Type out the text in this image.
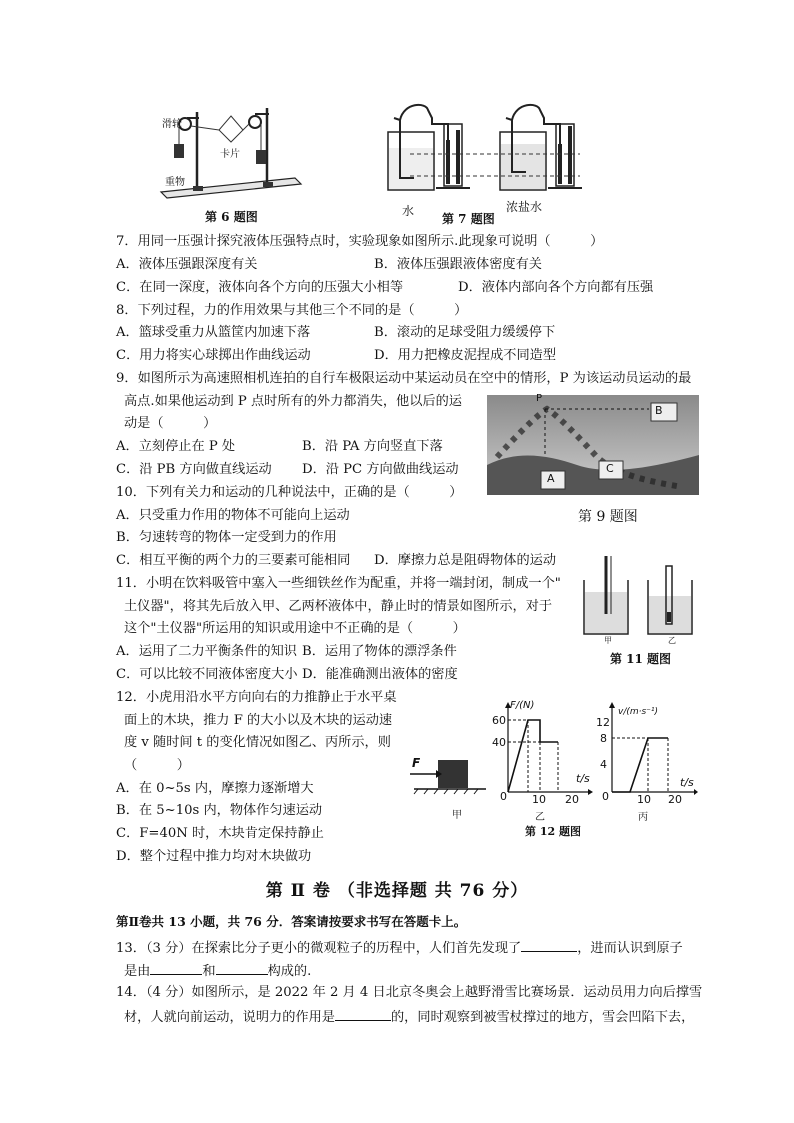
滑轮
卡片
重物
第 6 题图	水
第 7 题图
浓盐水
7．用同一压强计探究液体压强特点时，实验现象如图所示.此现象可说明（　　　）
A．液体压强跟深度有关	B．液体压强跟液体密度有关
C．在同一深度，液体向各个方向的压强大小相等	D．液体内部向各个方向都有压强
8．下列过程，力的作用效果与其他三个不同的是（　　　）
A．篮球受重力从篮筐内加速下落	B．滚动的足球受阻力缓缓停下
C．用力将实心球掷出作曲线运动	D．用力把橡皮泥捏成不同造型
9．如图所示为高速照相机连拍的自行车极限运动中某运动员在空中的情形，P 为该运动员运动的最
高点.如果他运动到 P 点时所有的外力都消失，他以后的运
动是（　　　）
A．立刻停止在 P 处	B．沿 PA 方向竖直下落
C．沿 PB 方向做直线运动 D．沿 PC 方向做曲线运动
P
B
A
C
第 9 题图
10．下列有关力和运动的几种说法中，正确的是（　　　）
A．只受重力作用的物体不可能向上运动
B．匀速转弯的物体一定受到力的作用
C．相互平衡的两个力的三要素可能相同 D．摩擦力总是阻碍物体的运动
11．小明在饮料吸管中塞入一些细铁丝作为配重，并将一端封闭，制成一个"
土仪器"，将其先后放入甲、乙两杯液体中，静止时的情景如图所示，对于
这个"土仪器"所运用的知识或用途中不正确的是（　　　）
A．运用了二力平衡条件的知识 B．运用了物体的漂浮条件
C．可以比较不同液体密度大小 D．能准确测出液体的密度
甲	乙
第 11 题图
12．小虎用沿水平方向向右的力推静止于水平桌
面上的木块，推力 F 的大小以及木块的运动速
度 v 随时间 t 的变化情况如图乙、丙所示，则
（　　　）
A．在 0~5s 内，摩擦力逐渐增大
B．在 5~10s 内，物体作匀速运动
C．F=40N 时，木块肯定保持静止
D．整个过程中推力均对木块做功
F
F/(N)
60
40
0 10 20
t/s
v/(m·s⁻¹)
12
8
4
0	10 20
t/s
甲	乙	丙
第 12 题图
第 Ⅱ 卷 （非选择题 共 76 分）
第Ⅱ卷共 13 小题，共 76 分．答案请按要求书写在答题卡上。
13．（3 分）在探索比分子更小的微观粒子的历程中，人们首先发现了	，进而认识到原子
是由	和	构成的.
14．（4 分）如图所示，是 2022 年 2 月 4 日北京冬奥会上越野滑雪比赛场景．运动员用力向后撑雪
材，人就向前运动，说明力的作用是	的，同时观察到被雪杖撑过的地方，雪会凹陷下去，
